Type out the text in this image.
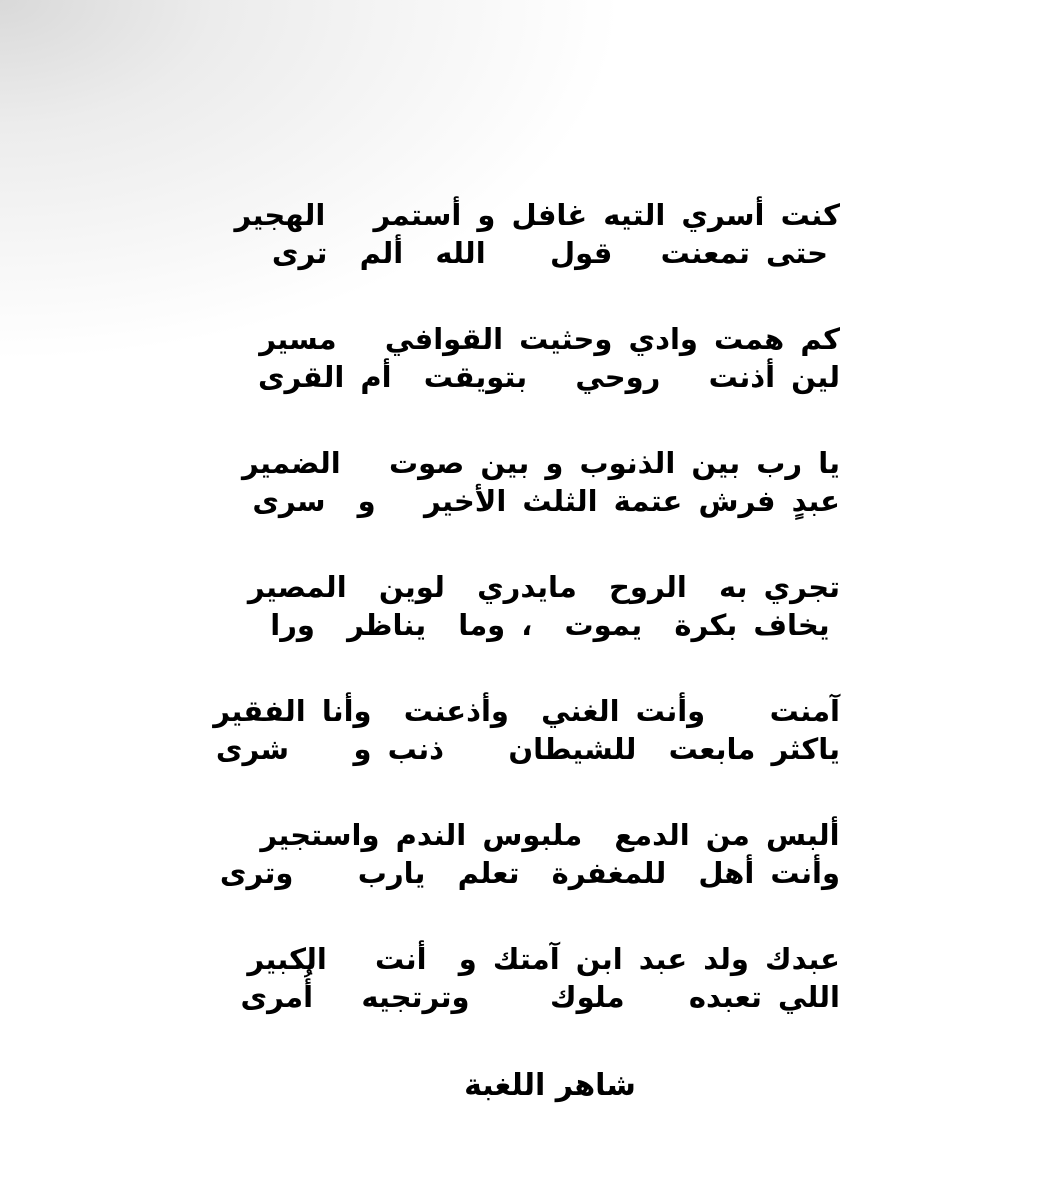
كنت أسري التيه غافل و أستمر   الهجير
حتى تمعنت   قول    الله  ألم  ترى
كم همت وادي وحثيت القوافي   مسير
لين أذنت   روحي   بتويقت  أم القرى
يا رب بين الذنوب و بين صوت   الضمير
عبدٍ فرش عتمة الثلث الأخير   و  سرى
تجري به  الروح  مايدري  لوين  المصير
يخاف بكرة  يموت  ، وما  يناظر  ورا
آمنت    وأنت الغني  وأذعنت  وأنا الفقير
ياكثر مابعت  للشيطان    ذنب و    شرى
ألبس من الدمع  ملبوس الندم واستجير
وأنت أهل  للمغفرة  تعلم  يارب    وترى
عبدك ولد عبد ابن آمتك و  أنت   الكبير
اللي تعبده    ملوك     وترتجيه   أُمرى
شاهر اللغبة
